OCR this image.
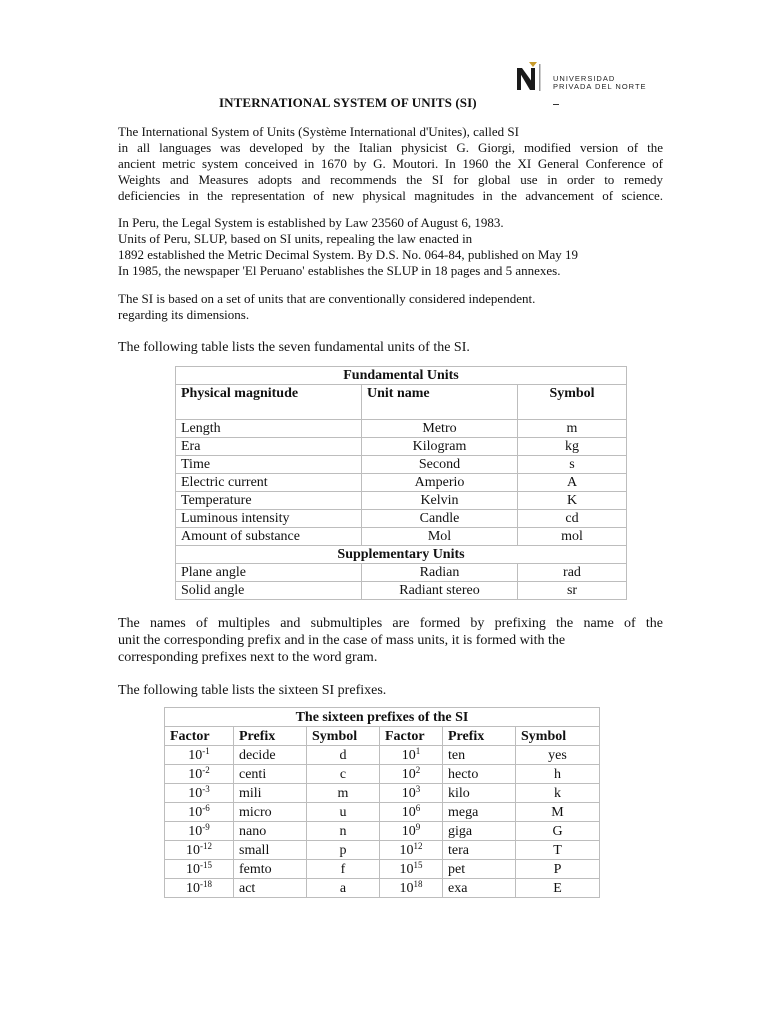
UNIVERSIDAD
PRIVADA DEL NORTE
INTERNATIONAL SYSTEM OF UNITS (SI)
The International System of Units (Système International d'Unites), called SI
in all languages was developed by the Italian physicist G. Giorgi, modified version of the
ancient metric system conceived in 1670 by G. Moutori. In 1960 the XI General Conference of
Weights and Measures adopts and recommends the SI for global use in order to remedy
deficiencies in the representation of new physical magnitudes in the advancement of science.
In Peru, the Legal System is established by Law 23560 of August 6, 1983.
Units of Peru, SLUP, based on SI units, repealing the law enacted in
1892 established the Metric Decimal System. By D.S. No. 064-84, published on May 19
In 1985, the newspaper 'El Peruano' establishes the SLUP in 18 pages and 5 annexes.
The SI is based on a set of units that are conventionally considered independent.
regarding its dimensions.
The following table lists the seven fundamental units of the SI.
Fundamental Units		
Physical magnitude	Unit name	Symbol
Length	Metro	m
Era	Kilogram	kg
Time	Second	s
Electric current	Amperio	A
Temperature	Kelvin	K
Luminous intensity	Candle	cd
Amount of substance	Mol	mol
Supplementary Units		
Plane angle	Radian	rad
Solid angle	Radiant stereo	sr
The names of multiples and submultiples are formed by prefixing the name of the
unit the corresponding prefix and in the case of mass units, it is formed with the
corresponding prefixes next to the word gram.
The following table lists the sixteen SI prefixes.
The sixteen prefixes of the SI					
Factor	Prefix	Symbol	Factor	Prefix	Symbol
$10^{-1}$	decide	d	$10^1$	ten	yes
$10^{-2}$	centi	c	$10^2$	hecto	h
$10^{-3}$	mili	m	$10^3$	kilo	k
$10^{-6}$	micro	u	$10^6$	mega	M
$10^{-9}$	nano	n	$10^9$	giga	G
$10^{-12}$	small	p	$10^{12}$	tera	T
$10^{-15}$	femto	f	$10^{15}$	pet	P
$10^{-18}$	act	a	$10^{18}$	exa	E
